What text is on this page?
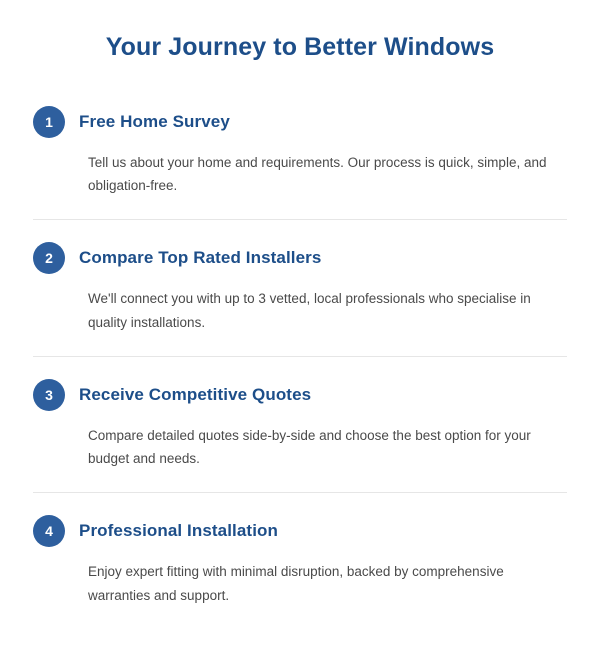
Your Journey to Better Windows
1	Free Home Survey
Tell us about your home and requirements. Our process is quick, simple, and obligation-free.
2	Compare Top Rated Installers
We'll connect you with up to 3 vetted, local professionals who specialise in quality installations.
3	Receive Competitive Quotes
Compare detailed quotes side-by-side and choose the best option for your budget and needs.
4	Professional Installation
Enjoy expert fitting with minimal disruption, backed by comprehensive warranties and support.
